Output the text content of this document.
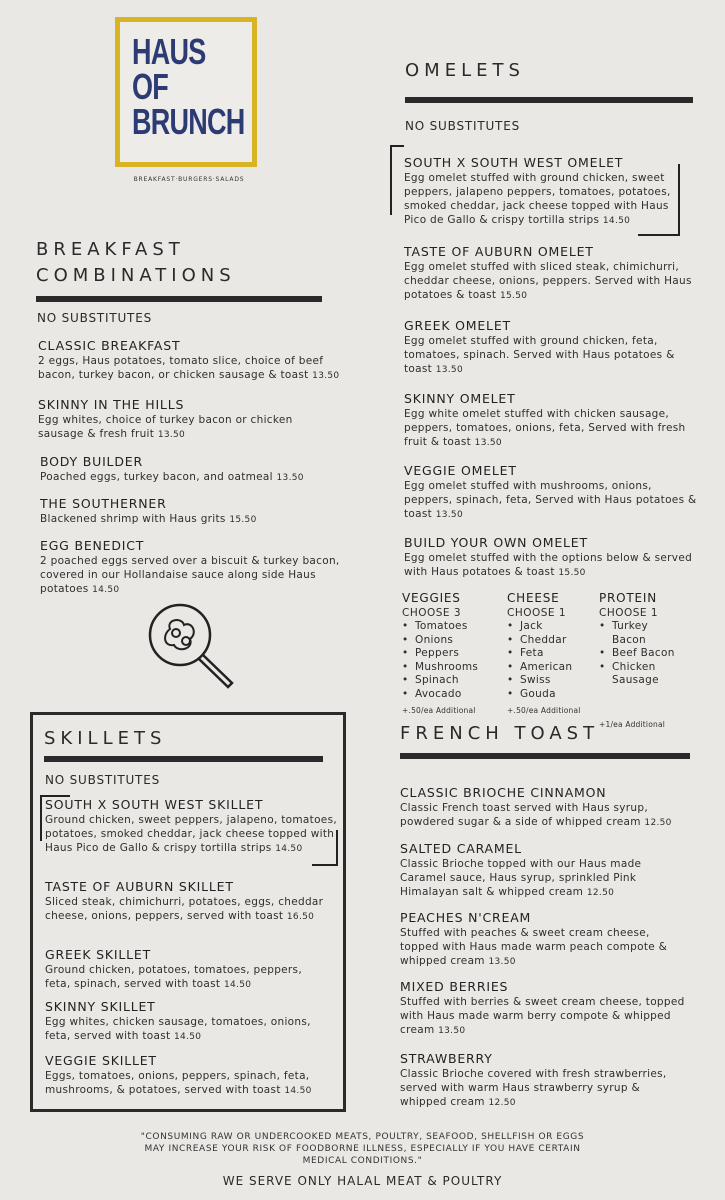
HAUS
OF
BRUNCH
BREAKFAST·BURGERS·SALADS
BREAKFAST
COMBINATIONS
NO SUBSTITUTES
CLASSIC BREAKFAST
2 eggs, Haus potatoes, tomato slice, choice of beef bacon, turkey bacon, or chicken sausage & toast 13.50
SKINNY IN THE HILLS
Egg whites, choice of turkey bacon or chicken sausage & fresh fruit 13.50
BODY BUILDER
Poached eggs, turkey bacon, and oatmeal 13.50
THE SOUTHERNER
Blackened shrimp with Haus grits 15.50
EGG BENEDICT
2 poached eggs served over a biscuit & turkey bacon, covered in our Hollandaise sauce along side Haus potatoes 14.50
SKILLETS
NO SUBSTITUTES
SOUTH X SOUTH WEST SKILLET
Ground chicken, sweet peppers, jalapeno, tomatoes, potatoes, smoked cheddar, jack cheese topped with Haus Pico de Gallo & crispy tortilla strips 14.50
TASTE OF AUBURN SKILLET
Sliced steak, chimichurri, potatoes, eggs, cheddar cheese, onions, peppers, served with toast 16.50
GREEK SKILLET
Ground chicken, potatoes, tomatoes, peppers, feta, spinach, served with toast 14.50
SKINNY SKILLET
Egg whites, chicken sausage, tomatoes, onions, feta, served with toast 14.50
VEGGIE SKILLET
Eggs, tomatoes, onions, peppers, spinach, feta, mushrooms, & potatoes, served with toast 14.50
OMELETS
NO SUBSTITUTES
SOUTH X SOUTH WEST OMELET
Egg omelet stuffed with ground chicken, sweet peppers, jalapeno peppers, tomatoes, potatoes, smoked cheddar, jack cheese topped with Haus Pico de Gallo & crispy tortilla strips 14.50
TASTE OF AUBURN OMELET
Egg omelet stuffed with sliced steak, chimichurri, cheddar cheese, onions, peppers. Served with Haus potatoes & toast 15.50
GREEK OMELET
Egg omelet stuffed with ground chicken, feta, tomatoes, spinach. Served with Haus potatoes & toast 13.50
SKINNY OMELET
Egg white omelet stuffed with chicken sausage, peppers, tomatoes, onions, feta, Served with fresh fruit & toast 13.50
VEGGIE OMELET
Egg omelet stuffed with mushrooms, onions, peppers, spinach, feta, Served with Haus potatoes & toast 13.50
BUILD YOUR OWN OMELET
Egg omelet stuffed with the options below & served with Haus potatoes & toast 15.50
VEGGIES
CHOOSE 3
• Tomatoes
• Onions
• Peppers
• Mushrooms
• Spinach
• Avocado
+.50/ea Additional
CHEESE
CHOOSE 1
• Jack
• Cheddar
• Feta
• American
• Swiss
• Gouda
+.50/ea Additional
PROTEIN
CHOOSE 1
• Turkey Bacon
• Beef Bacon
• Chicken Sausage
+1/ea Additional
FRENCH TOAST
CLASSIC BRIOCHE CINNAMON
Classic French toast served with Haus syrup, powdered sugar & a side of whipped cream 12.50
SALTED CARAMEL
Classic Brioche topped with our Haus made Caramel sauce, Haus syrup, sprinkled Pink Himalayan salt & whipped cream 12.50
PEACHES N'CREAM
Stuffed with peaches & sweet cream cheese, topped with Haus made warm peach compote & whipped cream 13.50
MIXED BERRIES
Stuffed with berries & sweet cream cheese, topped with Haus made warm berry compote & whipped cream 13.50
STRAWBERRY
Classic Brioche covered with fresh strawberries, served with warm Haus strawberry syrup & whipped cream 12.50
"CONSUMING RAW OR UNDERCOOKED MEATS, POULTRY, SEAFOOD, SHELLFISH OR EGGS MAY INCREASE YOUR RISK OF FOODBORNE ILLNESS, ESPECIALLY IF YOU HAVE CERTAIN MEDICAL CONDITIONS."
WE SERVE ONLY HALAL MEAT & POULTRY
